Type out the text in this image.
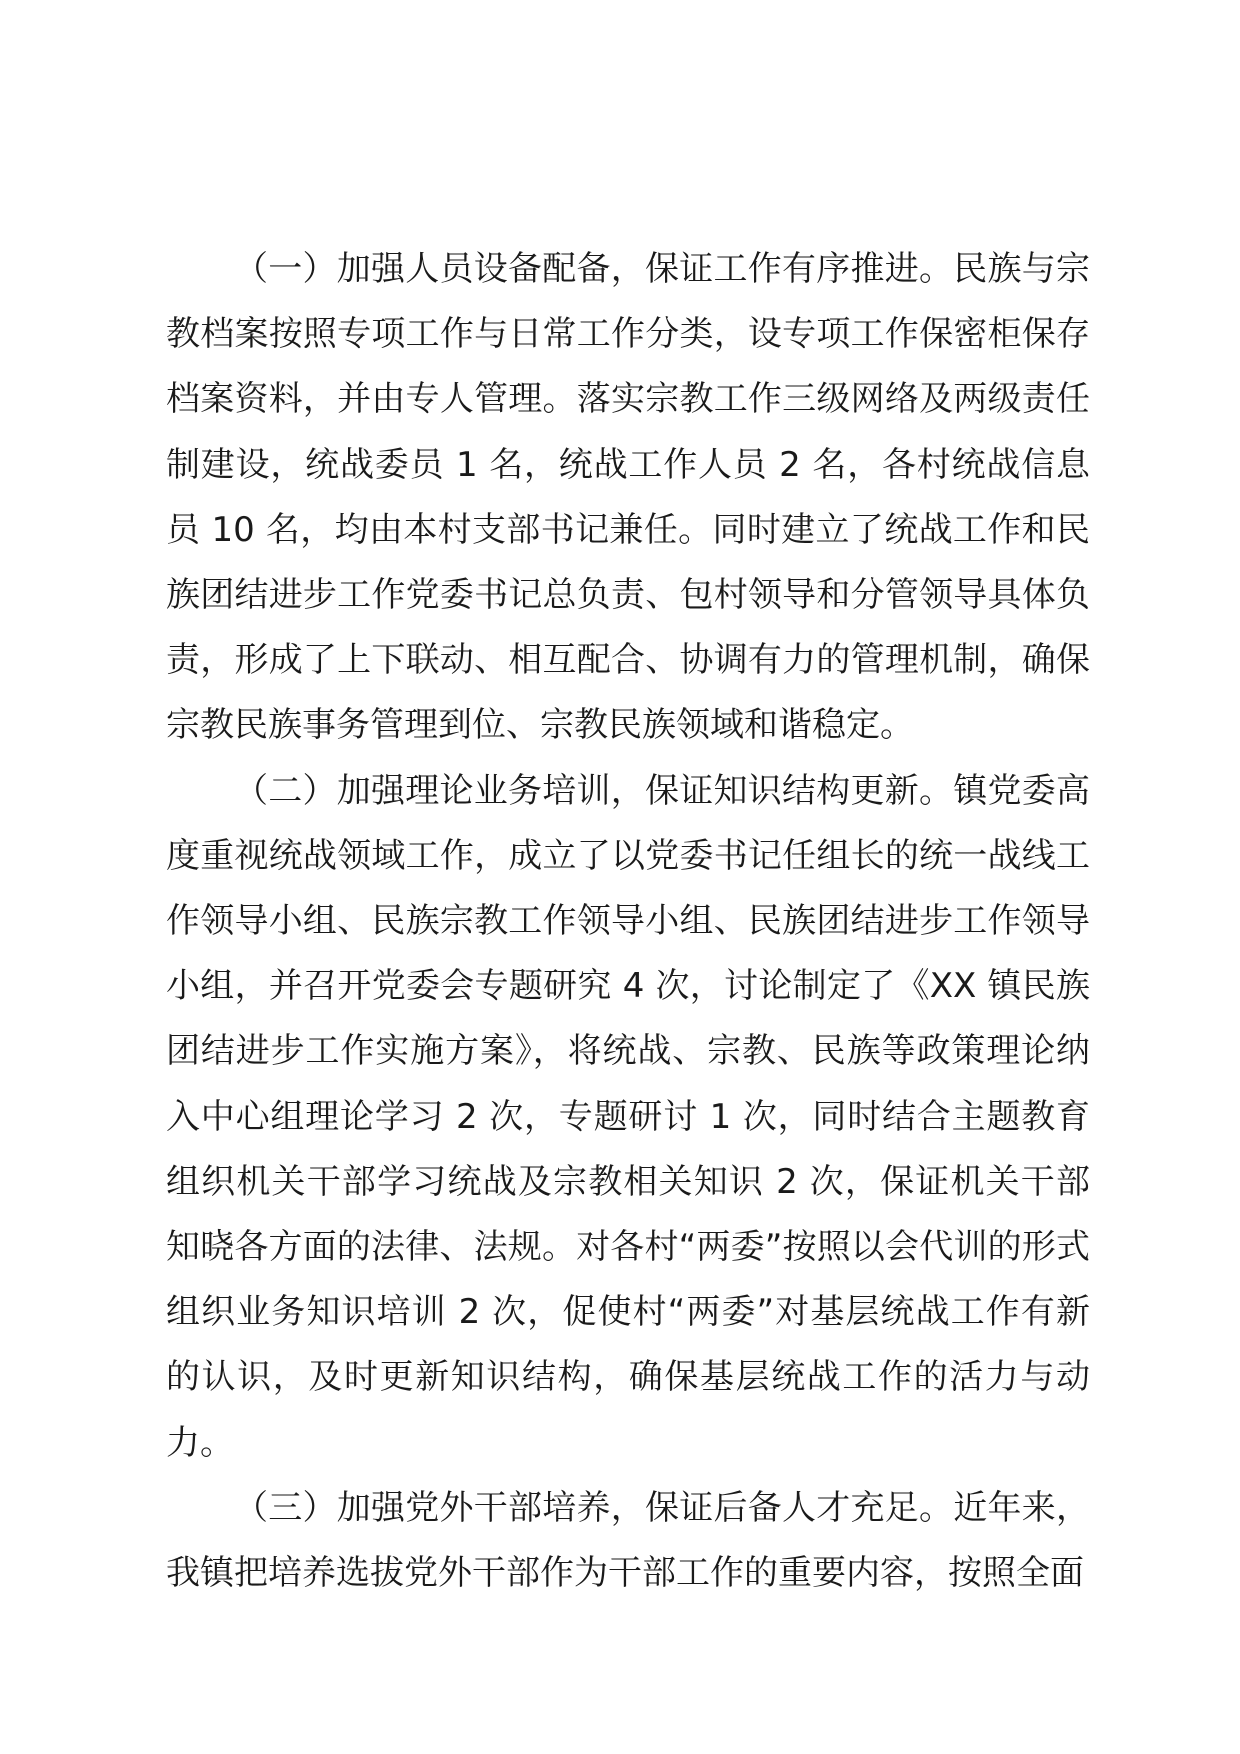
（一）加强人员设备配备，保证工作有序推进。民族与宗教档案按照专项工作与日常工作分类，设专项工作保密柜保存档案资料，并由专人管理。落实宗教工作三级网络及两级责任制建设，统战委员 1 名，统战工作人员 2 名，各村统战信息员 10 名，均由本村支部书记兼任。同时建立了统战工作和民族团结进步工作党委书记总负责、包村领导和分管领导具体负责，形成了上下联动、相互配合、协调有力的管理机制，确保宗教民族事务管理到位、宗教民族领域和谐稳定。

（二）加强理论业务培训，保证知识结构更新。镇党委高度重视统战领域工作，成立了以党委书记任组长的统一战线工作领导小组、民族宗教工作领导小组、民族团结进步工作领导小组，并召开党委会专题研究 4 次，讨论制定了《XX 镇民族团结进步工作实施方案》，将统战、宗教、民族等政策理论纳入中心组理论学习 2 次，专题研讨 1 次，同时结合主题教育组织机关干部学习统战及宗教相关知识 2 次，保证机关干部知晓各方面的法律、法规。对各村“两委”按照以会代训的形式组织业务知识培训 2 次，促使村“两委”对基层统战工作有新的认识，及时更新知识结构，确保基层统战工作的活力与动力。

（三）加强党外干部培养，保证后备人才充足。近年来，我镇把培养选拔党外干部作为干部工作的重要内容，按照全面
